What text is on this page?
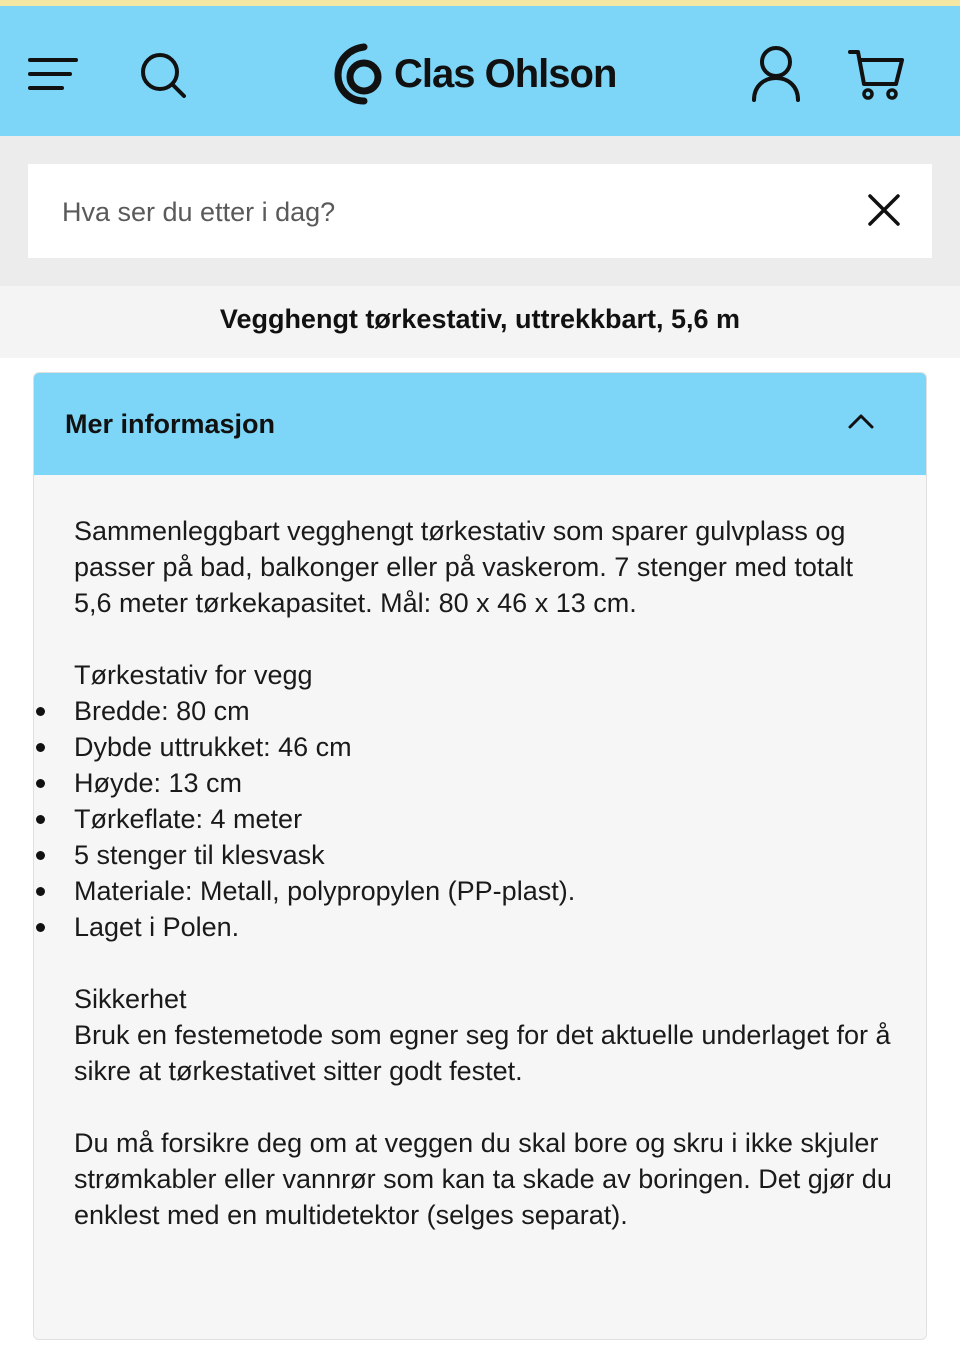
Clas Ohlson
Hva ser du etter i dag?
Vegghengt tørkestativ, uttrekkbart, 5,6 m
Mer informasjon

Sammenleggbart vegghengt tørkestativ som sparer gulvplass og passer på bad, balkonger eller på vaskerom. 7 stenger med totalt 5,6 meter tørkekapasitet. Mål: 80 x 46 x 13 cm.

Tørkestativ for vegg

Bredde: 80 cm
Dybde uttrukket: 46 cm
Høyde: 13 cm
Tørkeflate: 4 meter
5 stenger til klesvask
Materiale: Metall, polypropylen (PP-plast).
Laget i Polen.

Sikkerhet

Bruk en festemetode som egner seg for det aktuelle underlaget for å sikre at tørkestativet sitter godt festet.

Du må forsikre deg om at veggen du skal bore og skru i ikke skjuler strømkabler eller vannrør som kan ta skade av boringen. Det gjør du enklest med en multidetektor (selges separat).
